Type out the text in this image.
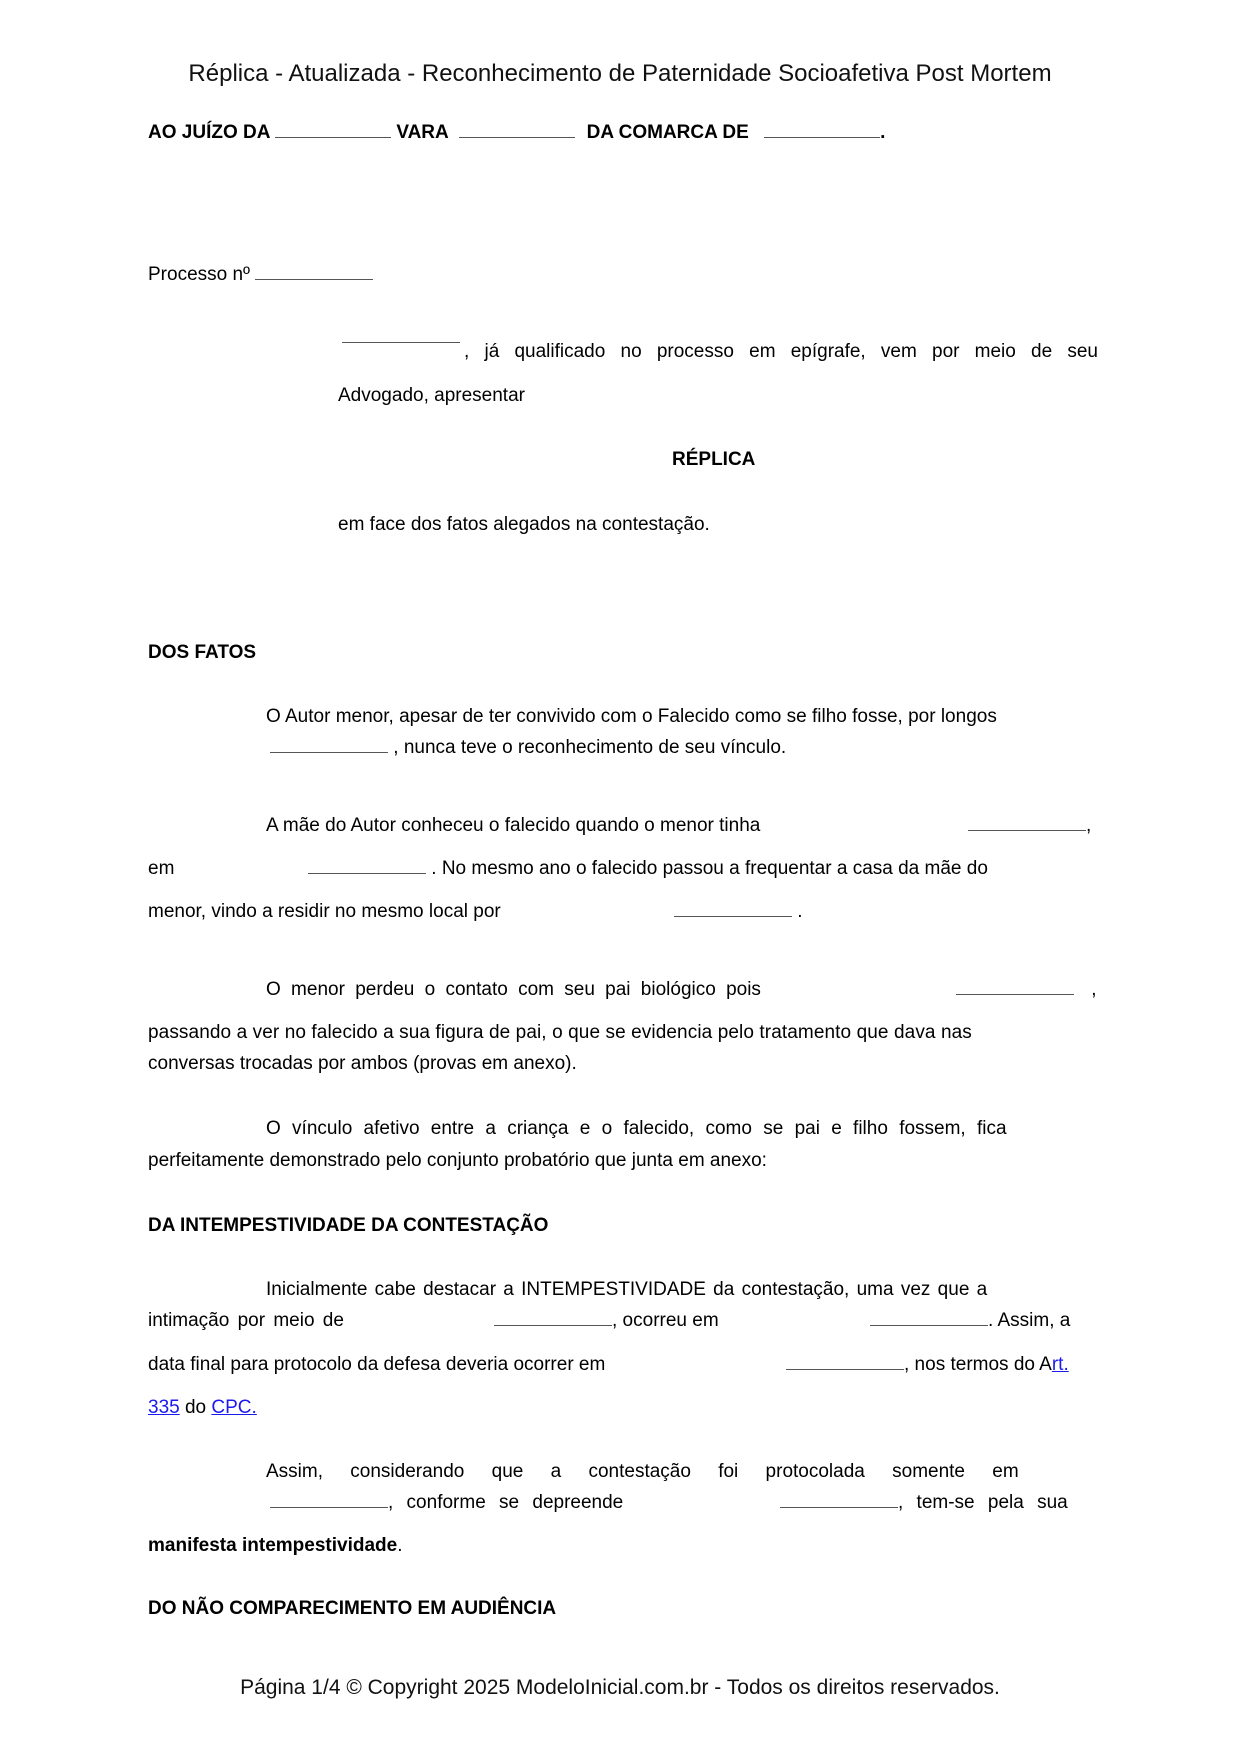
Réplica - Atualizada - Reconhecimento de Paternidade Socioafetiva Post Mortem
AO JUÍZO DA	VARA	DA COMARCA DE	.
Processo nº
, já qualificado no processo em epígrafe, vem por meio de seu
Advogado, apresentar
RÉPLICA
em face dos fatos alegados na contestação.
DOS FATOS
O Autor menor, apesar de ter convivido com o Falecido como se filho fosse, por longos
, nunca teve o reconhecimento de seu vínculo.
A mãe do Autor conheceu o falecido quando o menor tinha	,
em	. No mesmo ano o falecido passou a frequentar a casa da mãe do
menor, vindo a residir no mesmo local por	.
O menor perdeu o contato com seu pai biológico pois	,
passando a ver no falecido a sua figura de pai, o que se evidencia pelo tratamento que dava nas
conversas trocadas por ambos (provas em anexo).
O vínculo afetivo entre a criança e o falecido, como se pai e filho fossem, fica
perfeitamente demonstrado pelo conjunto probatório que junta em anexo:
DA INTEMPESTIVIDADE DA CONTESTAÇÃO
Inicialmente cabe destacar a INTEMPESTIVIDADE da contestação, uma vez que a
intimação por meio de	, ocorreu em	. Assim, a
data final para protocolo da defesa deveria ocorrer em	, nos termos do Art.
335 do CPC.
Assim, considerando que a contestação foi protocolada somente em
, conforme se depreende	, tem-se pela sua
manifesta intempestividade.
DO NÃO COMPARECIMENTO EM AUDIÊNCIA
Página 1/4 © Copyright 2025 ModeloInicial.com.br - Todos os direitos reservados.
